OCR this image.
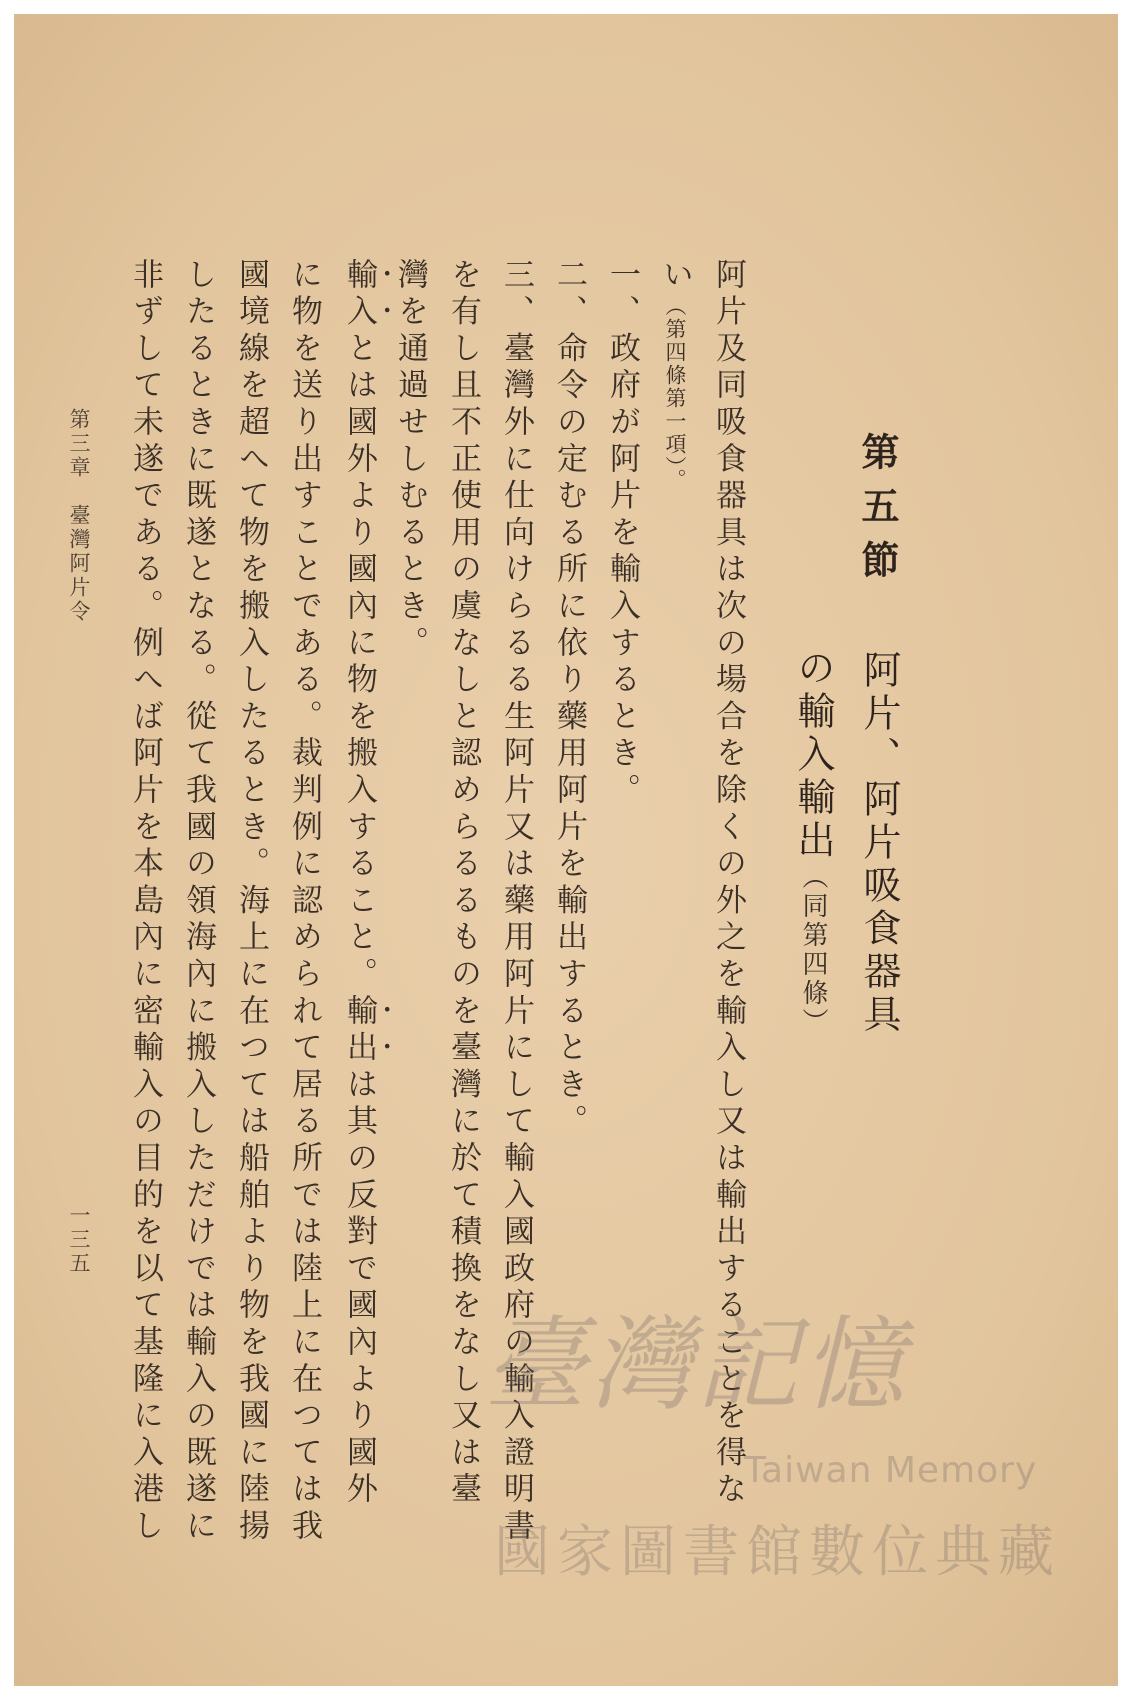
第五節
阿片、阿片吸食器具
の輸入輸出（同第四條）
阿片及同吸食器具は次の場合を除くの外之を輸入し又は輸出することを得な
い（第四條第一項）。
一、政府が阿片を輸入するとき。
二、命令の定むる所に依り藥用阿片を輸出するとき。
三、臺灣外に仕向けらるる生阿片又は藥用阿片にして輸入國政府の輸入證明書
を有し且不正使用の虞なしと認めらるるものを臺灣に於て積換をなし又は臺
灣を通過せしむるとき。
輸入とは國外より國內に物を搬入すること。輸出は其の反對で國內より國外
に物を送り出すことである。裁判例に認められて居る所では陸上に在つては我
國境線を超へて物を搬入したるとき。海上に在つては船舶より物を我國に陸揚
したるときに既遂となる。從て我國の領海內に搬入しただけでは輸入の既遂に
非ずして未遂である。例へば阿片を本島內に密輸入の目的を以て基隆に入港し
第三章　臺灣阿片令
一三五
臺灣記憶
Taiwan Memory
國家圖書館數位典藏
